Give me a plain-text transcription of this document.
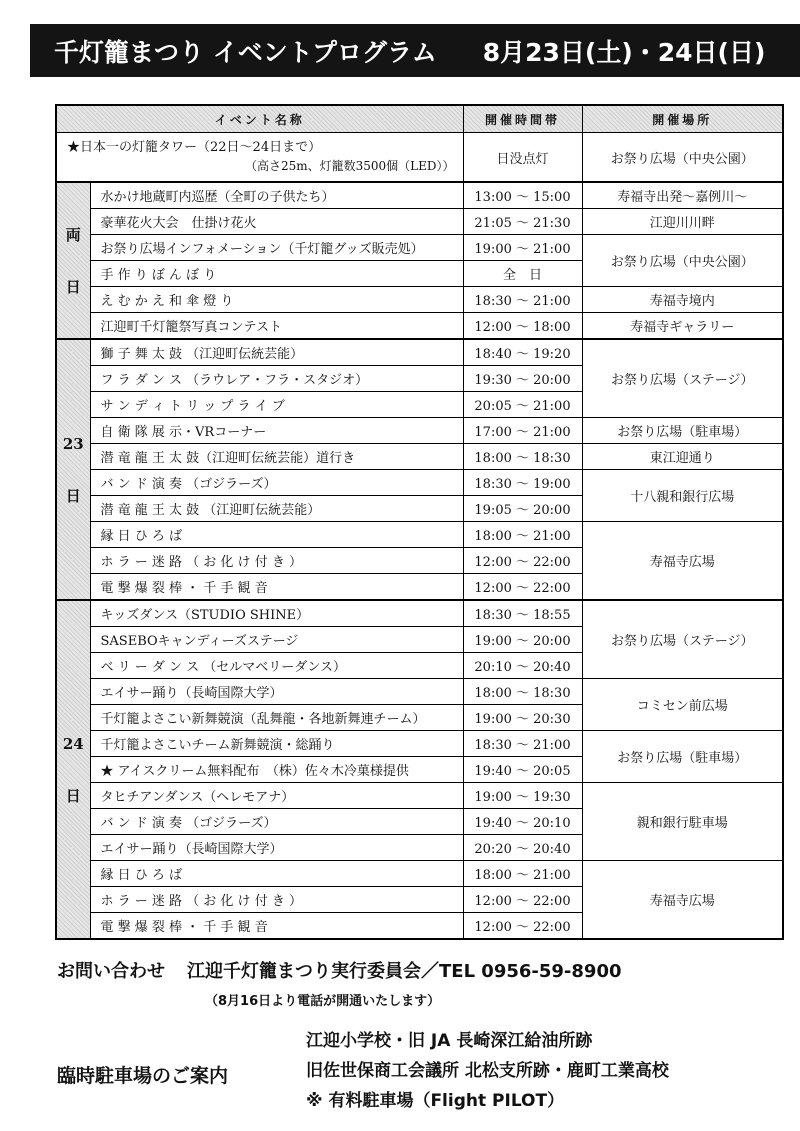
千灯籠まつり イベントプログラム 8月23日(土)・24日(日)
イベント名称		開催時間帯	開催場所
★日本一の灯籠タワー（22日～24日まで）
（高さ25m、灯籠数3500個（LED））		日没点灯	お祭り広場（中央公園）

両
日	水かけ地蔵町内巡歴（全町の子供たち）	13:00 ～ 15:00	寿福寺出発～嘉例川～
	豪華花火大会　仕掛け花火	21:05 ～ 21:30	江迎川川畔
	お祭り広場インフォメーション（千灯籠グッズ販売処）	19:00 ～ 21:00	お祭り広場（中央公園）
	手 作 り ぼ ん ぼ り	全　日	
	え む か え 和 傘 燈 り	18:30 ～ 21:00	寿福寺境内
	江迎町千灯籠祭写真コンテスト	12:00 ～ 18:00	寿福寺ギャラリー

23
日	獅 子 舞 太 鼓 （江迎町伝統芸能）	18:40 ～ 19:20	お祭り広場（ステージ）
	フ ラ ダ ン ス （ラウレア・フラ・スタジオ）	19:30 ～ 20:00	
	サ ン デ ィ ト リ ッ プ ラ イ ブ	20:05 ～ 21:00	
	自 衛 隊 展 示・VRコーナー	17:00 ～ 21:00	お祭り広場（駐車場）
	潜 竜 龍 王 太 鼓（江迎町伝統芸能）道行き	18:00 ～ 18:30	東江迎通り
	バ ン ド 演 奏 （ゴジラーズ）	18:30 ～ 19:00	十八親和銀行広場
	潜 竜 龍 王 太 鼓 （江迎町伝統芸能）	19:05 ～ 20:00	
	縁 日 ひ ろ ば	18:00 ～ 21:00	寿福寺広場
	ホ ラ ー 迷 路 （ お 化 け 付 き ）	12:00 ～ 22:00	
	電 撃 爆 裂 棒 ・ 千 手 観 音	12:00 ～ 22:00	

24
日	キッズダンス（STUDIO SHINE）	18:30 ～ 18:55	お祭り広場（ステージ）
	SASEBOキャンディーズステージ	19:00 ～ 20:00	
	ベ リ ー ダ ン ス （セルマベリーダンス）	20:10 ～ 20:40	
	エイサー踊り（長崎国際大学）	18:00 ～ 18:30	コミセン前広場
	千灯籠よさこい新舞競演（乱舞龍・各地新舞連チーム）	19:00 ～ 20:30	
	千灯籠よさこいチーム新舞競演・総踊り	18:30 ～ 21:00	お祭り広場（駐車場）
	★ アイスクリーム無料配布　（株）佐々木冷菓様提供	19:40 ～ 20:05	
	タヒチアンダンス（ヘレモアナ）	19:00 ～ 19:30	親和銀行駐車場
	バ ン ド 演 奏 （ゴジラーズ）	19:40 ～ 20:10	
	エイサー踊り（長崎国際大学）	20:20 ～ 20:40	
	縁 日 ひ ろ ば	18:00 ～ 21:00	寿福寺広場
	ホ ラ ー 迷 路 （ お 化 け 付 き ）	12:00 ～ 22:00	
	電 撃 爆 裂 棒 ・ 千 手 観 音	12:00 ～ 22:00	
お問い合わせ 江迎千灯籠まつり実行委員会／TEL 0956-59-8900
（8月16日より電話が開通いたします）
臨時駐車場のご案内
江迎小学校・旧 JA 長崎深江給油所跡
旧佐世保商工会議所 北松支所跡・鹿町工業高校
※ 有料駐車場（Flight PILOT）
